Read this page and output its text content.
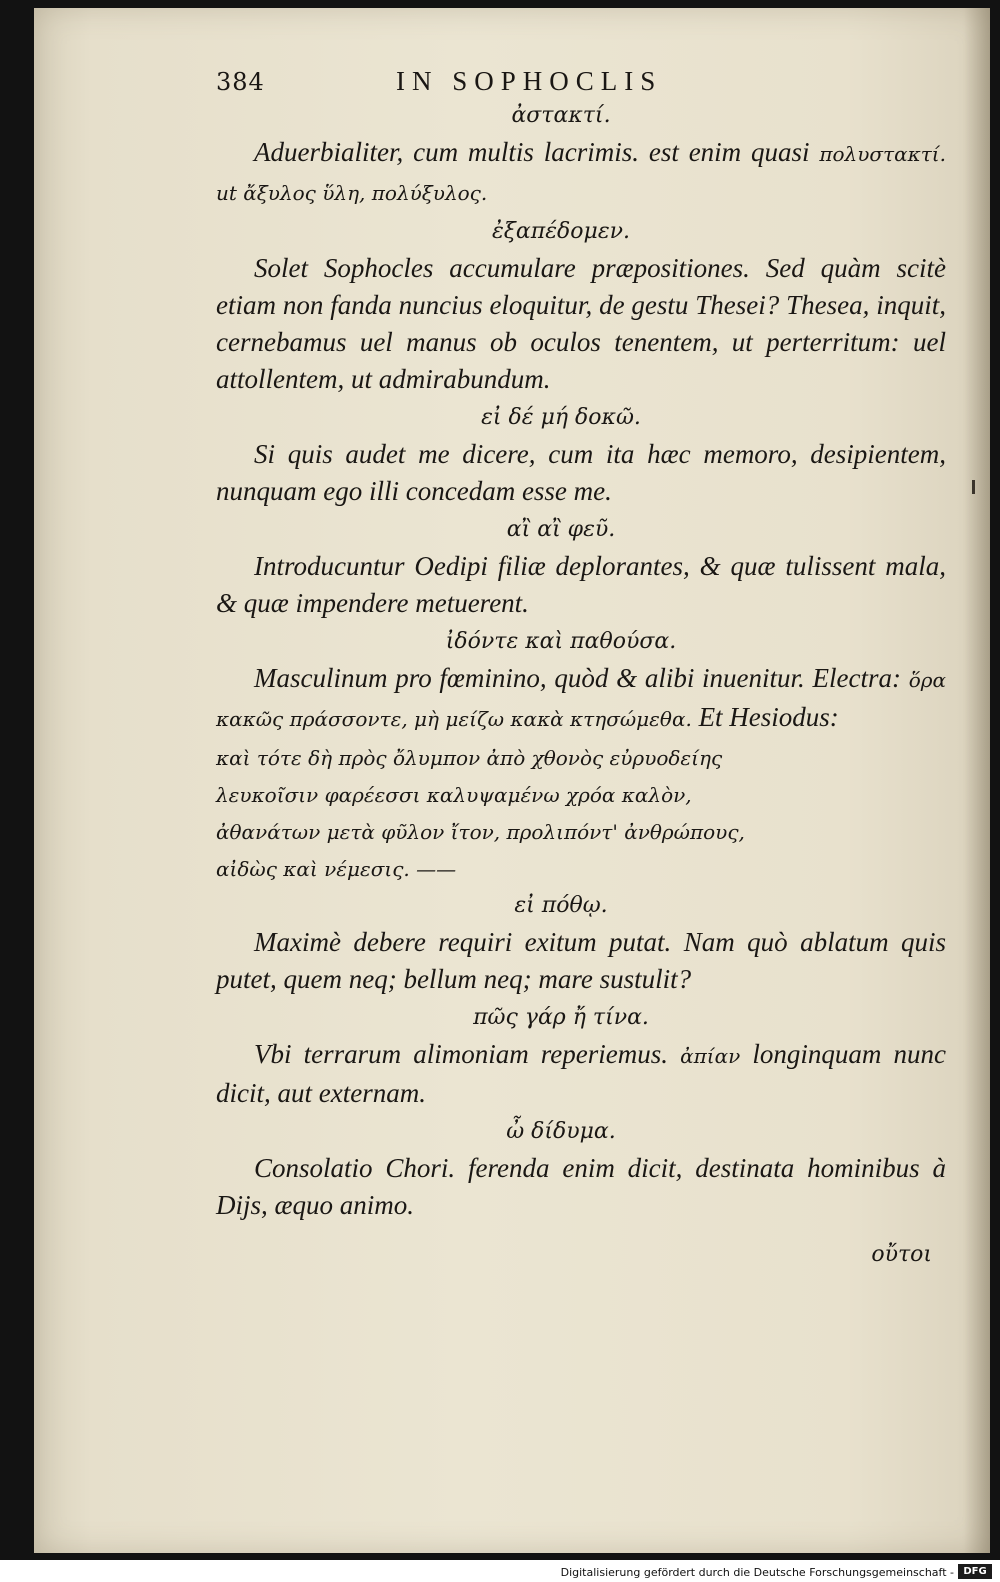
384	IN SOPHOCLIS
ἀστακτί.

Aduerbialiter, cum multis lacrimis. est enim quasi πολυστακτί. ut ἄξυλος ὕλη, πολύξυλος.

ἐξαπέδομεν.

Solet Sophocles accumulare præpositiones. Sed quàm scitè etiam non fanda nuncius eloquitur, de gestu Thesei? Thesea, inquit, cernebamus uel manus ob oculos tenentem, ut perterritum: uel attollentem, ut admirabundum.

εἰ δέ μή δοκῶ.

Si quis audet me dicere, cum ita hæc memoro, desipientem, nunquam ego illi concedam esse me.

αἲ αἲ φεῦ.

Introducuntur Oedipi filiæ deplorantes, & quæ tulissent mala, & quæ impendere metuerent.

ἰδόντε καὶ παθούσα.

Masculinum pro fœminino, quòd & alibi inuenitur. Electra: ὅρα κακῶς πράσσοντε, μὴ μείζω κακὰ κτησώμεθα. Et Hesiodus:

καὶ τότε δὴ πρὸς ὄλυμπον ἀπὸ χθονὸς εὐρυοδείης

λευκοῖσιν φαρέεσσι καλυψαμένω χρόα καλὸν,

ἀθανάτων μετὰ φῦλον ἴτον, προλιπόντ' ἀνθρώπους,

αἰδὼς καὶ νέμεσις. ——

εἰ πόθῳ.

Maximè debere requiri exitum putat. Nam quò ablatum quis putet, quem neq; bellum neq; mare sustulit?

πῶς γάρ ἤ τίνα.

Vbi terrarum alimoniam reperiemus. ἀπίαν longinquam nunc dicit, aut externam.

ὦ δίδυμα.

Consolatio Chori. ferenda enim dicit, destinata hominibus à Dijs, æquo animo.

οὔτοι
Digitalisierung gefördert durch die Deutsche Forschungsgemeinschaft - DFG
